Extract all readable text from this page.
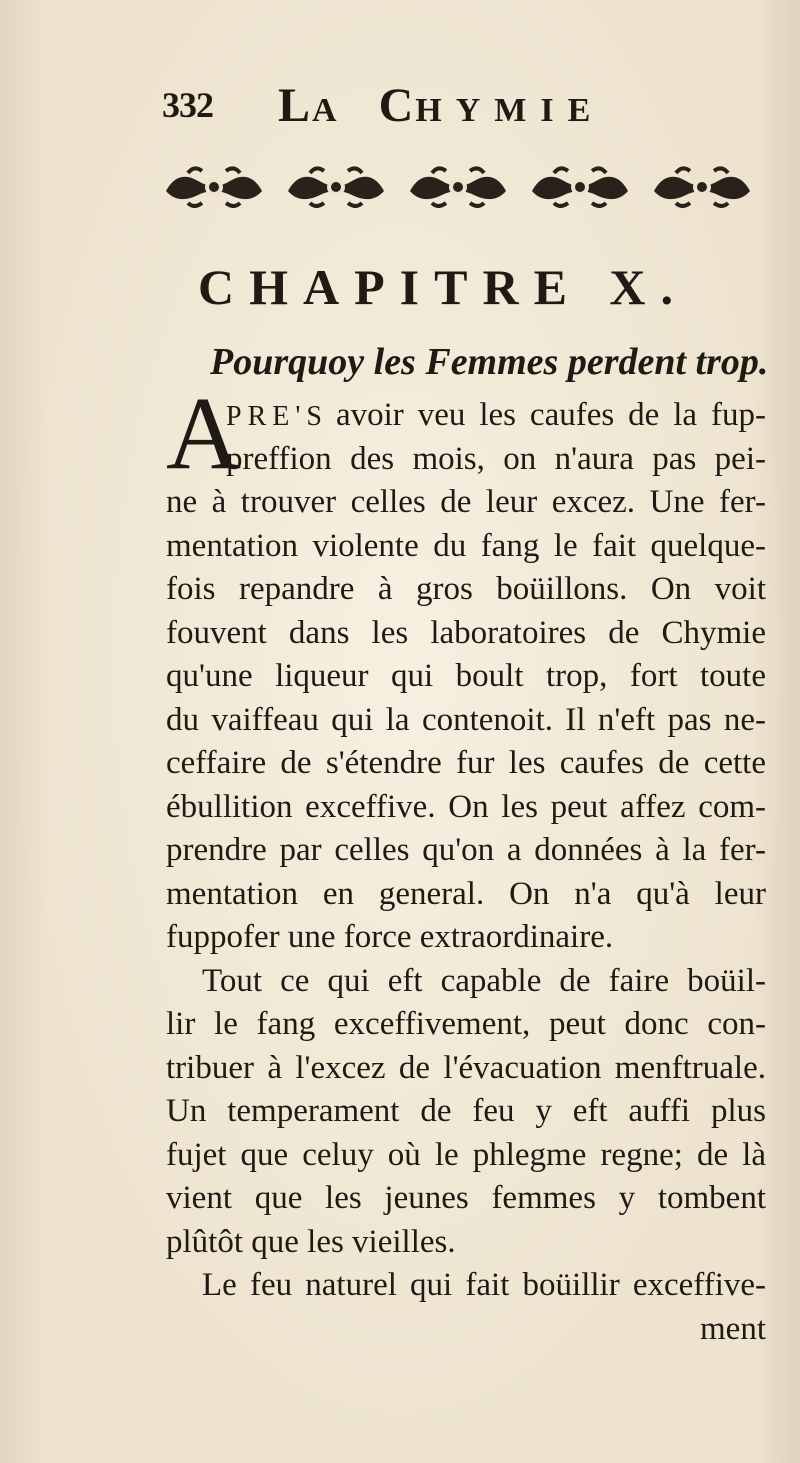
332 LA CHYMIE
CHAPITRE X.
Pourquoy les Femmes perdent trop.
A
PRE'S avoir veu les caufes de la fup-
preffion des mois, on n'aura pas pei-
ne à trouver celles de leur excez. Une fer-
mentation violente du fang le fait quelque-
fois repandre à gros boüillons. On voit
fouvent dans les laboratoires de Chymie
qu'une liqueur qui boult trop, fort toute
du vaiffeau qui la contenoit. Il n'eft pas ne-
ceffaire de s'étendre fur les caufes de cette
ébullition exceffive. On les peut affez com-
prendre par celles qu'on a données à la fer-
mentation en general. On n'a qu'à leur
fuppofer une force extraordinaire.
Tout ce qui eft capable de faire boüil-
lir le fang exceffivement, peut donc con-
tribuer à l'excez de l'évacuation menftruale.
Un temperament de feu y eft auffi plus
fujet que celuy où le phlegme regne; de là
vient que les jeunes femmes y tombent
plûtôt que les vieilles.
Le feu naturel qui fait boüillir exceffive-
ment
